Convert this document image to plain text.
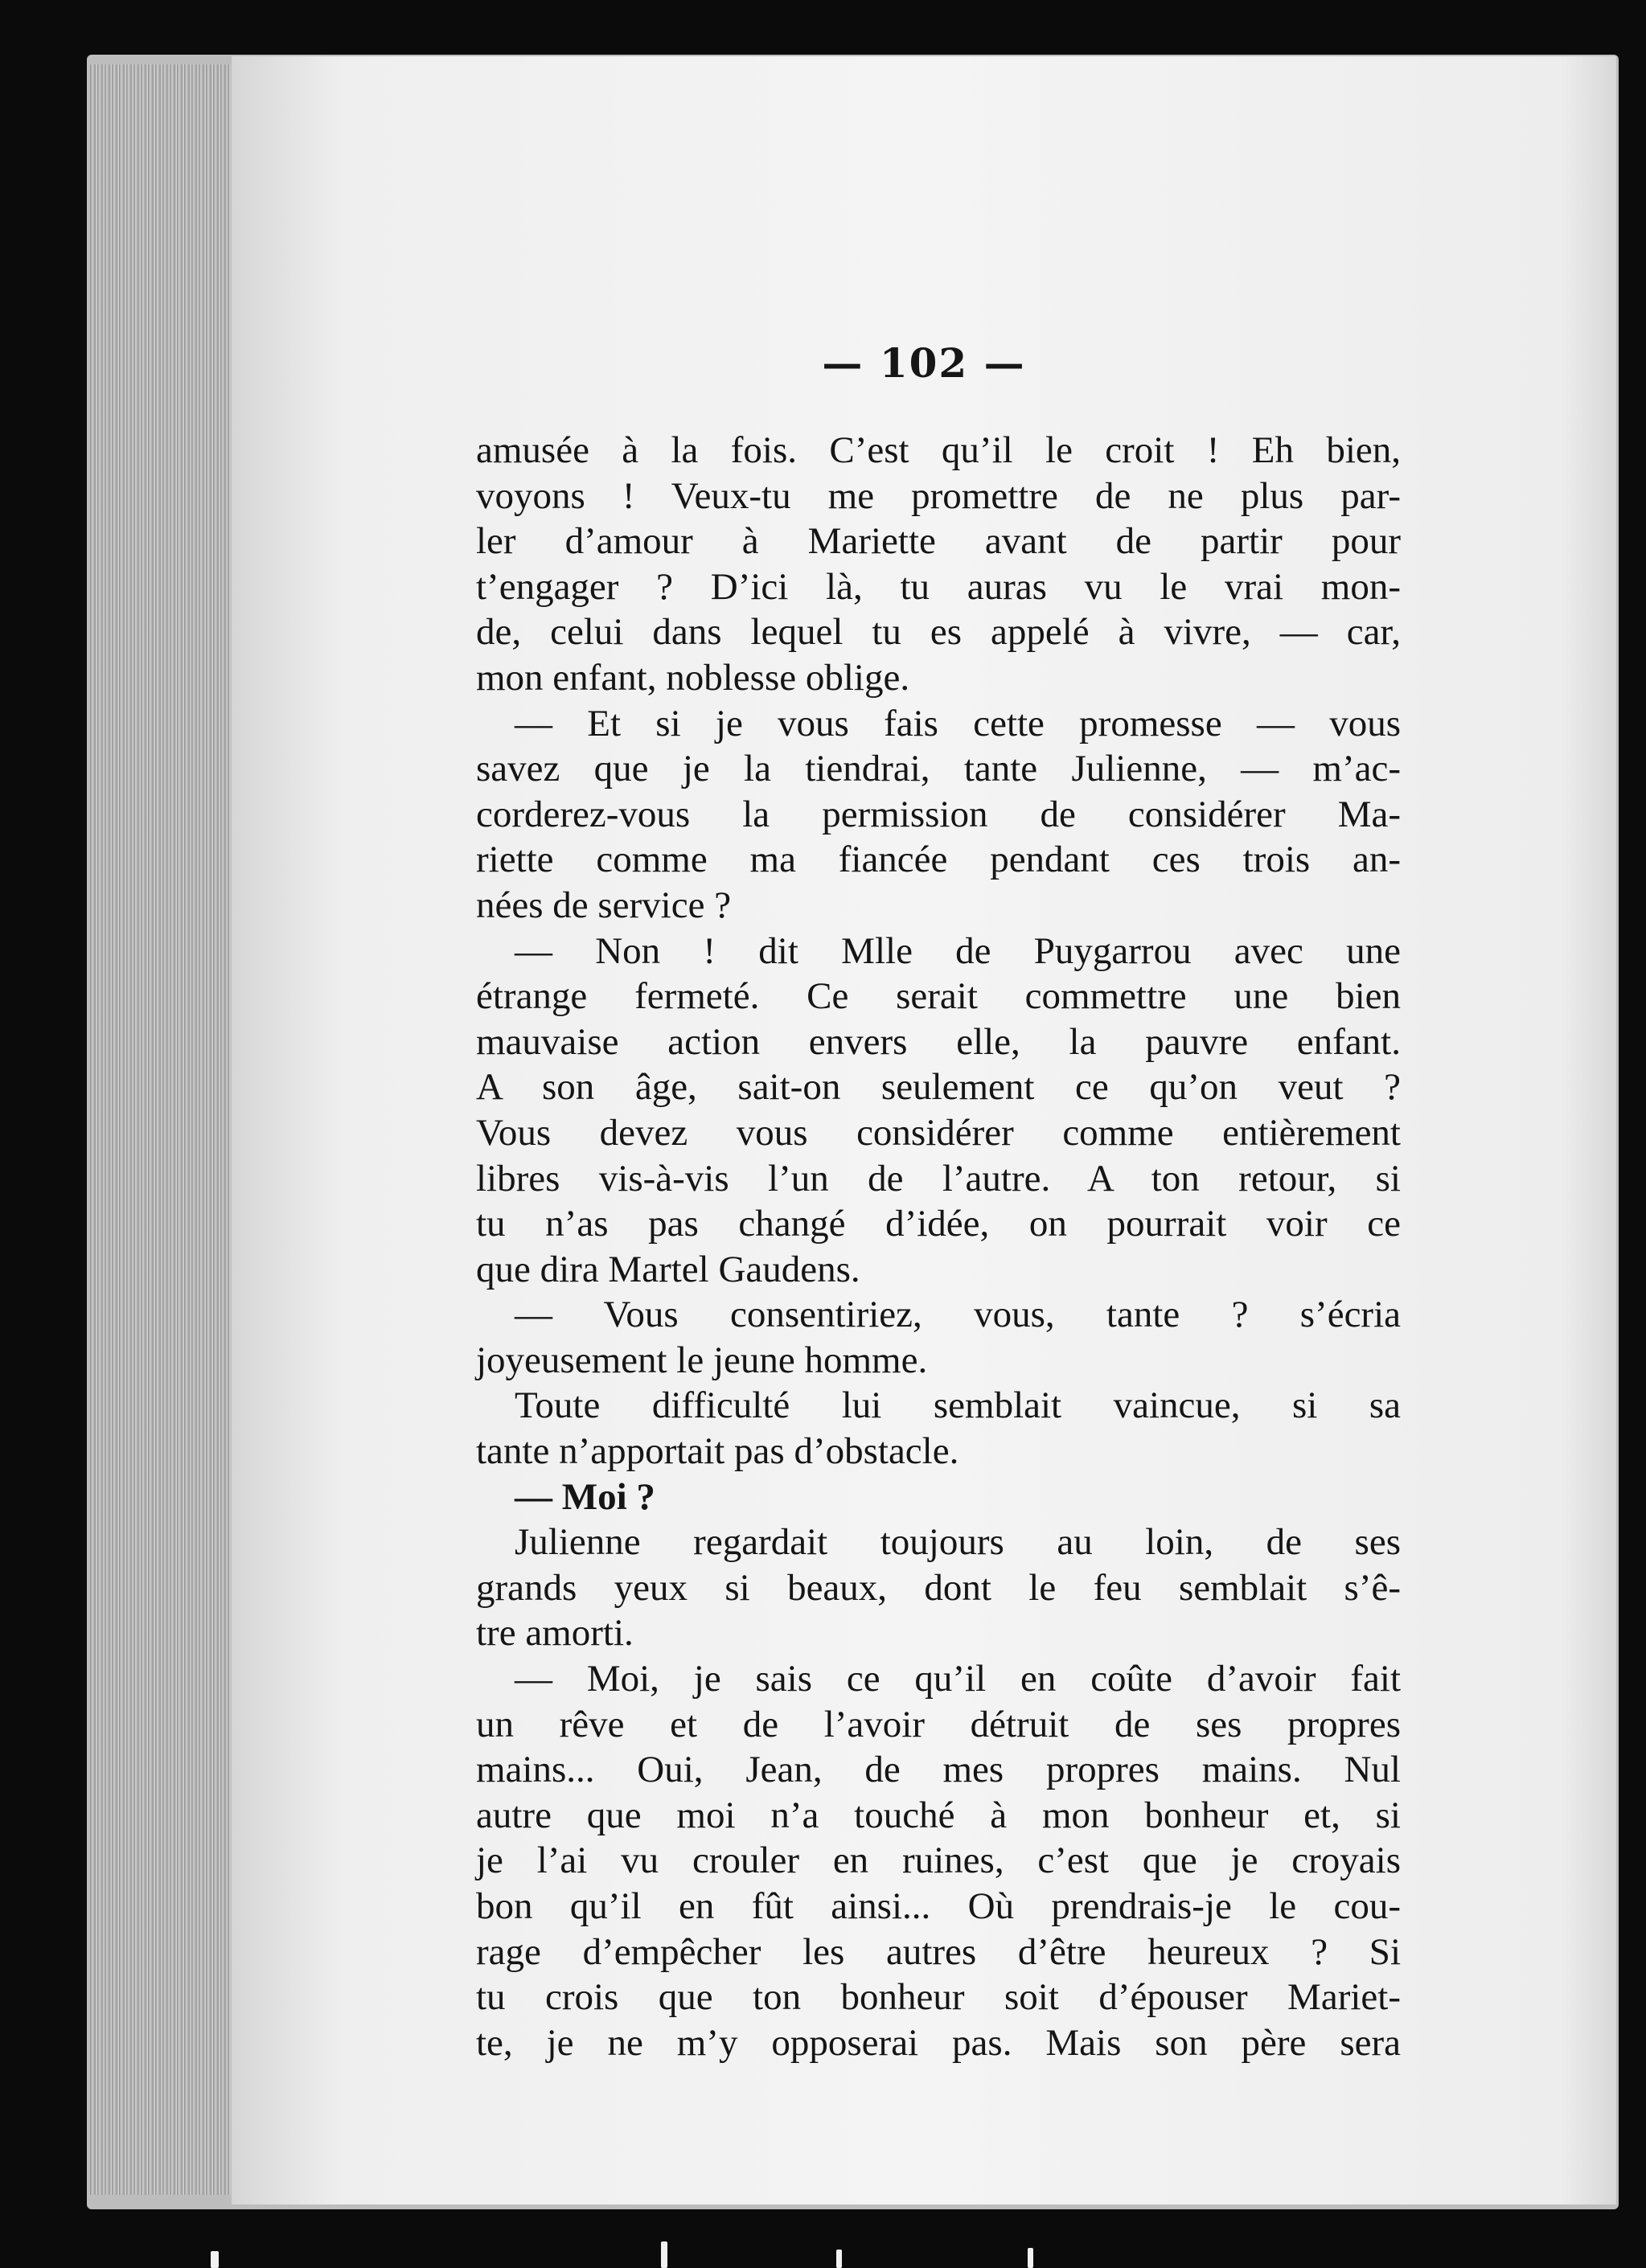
— 102 —
amusée à la fois. C’est qu’il le croit ! Eh bien,
voyons ! Veux-tu me promettre de ne plus par-
ler d’amour à Mariette avant de partir pour
t’engager ? D’ici là, tu auras vu le vrai mon-
de, celui dans lequel tu es appelé à vivre, — car,
mon enfant, noblesse oblige.
— Et si je vous fais cette promesse — vous
savez que je la tiendrai, tante Julienne, — m’ac-
corderez-vous la permission de considérer Ma-
riette comme ma fiancée pendant ces trois an-
nées de service ?
— Non ! dit Mlle de Puygarrou avec une
étrange fermeté. Ce serait commettre une bien
mauvaise action envers elle, la pauvre enfant.
A son âge, sait-on seulement ce qu’on veut ?
Vous devez vous considérer comme entièrement
libres vis-à-vis l’un de l’autre. A ton retour, si
tu n’as pas changé d’idée, on pourrait voir ce
que dira Martel Gaudens.
— Vous consentiriez, vous, tante ? s’écria
joyeusement le jeune homme.
Toute difficulté lui semblait vaincue, si sa
tante n’apportait pas d’obstacle.
— Moi ?
Julienne regardait toujours au loin, de ses
grands yeux si beaux, dont le feu semblait s’ê-
tre amorti.
— Moi, je sais ce qu’il en coûte d’avoir fait
un rêve et de l’avoir détruit de ses propres
mains... Oui, Jean, de mes propres mains. Nul
autre que moi n’a touché à mon bonheur et, si
je l’ai vu crouler en ruines, c’est que je croyais
bon qu’il en fût ainsi... Où prendrais-je le cou-
rage d’empêcher les autres d’être heureux ? Si
tu crois que ton bonheur soit d’épouser Mariet-
te, je ne m’y opposerai pas. Mais son père sera
